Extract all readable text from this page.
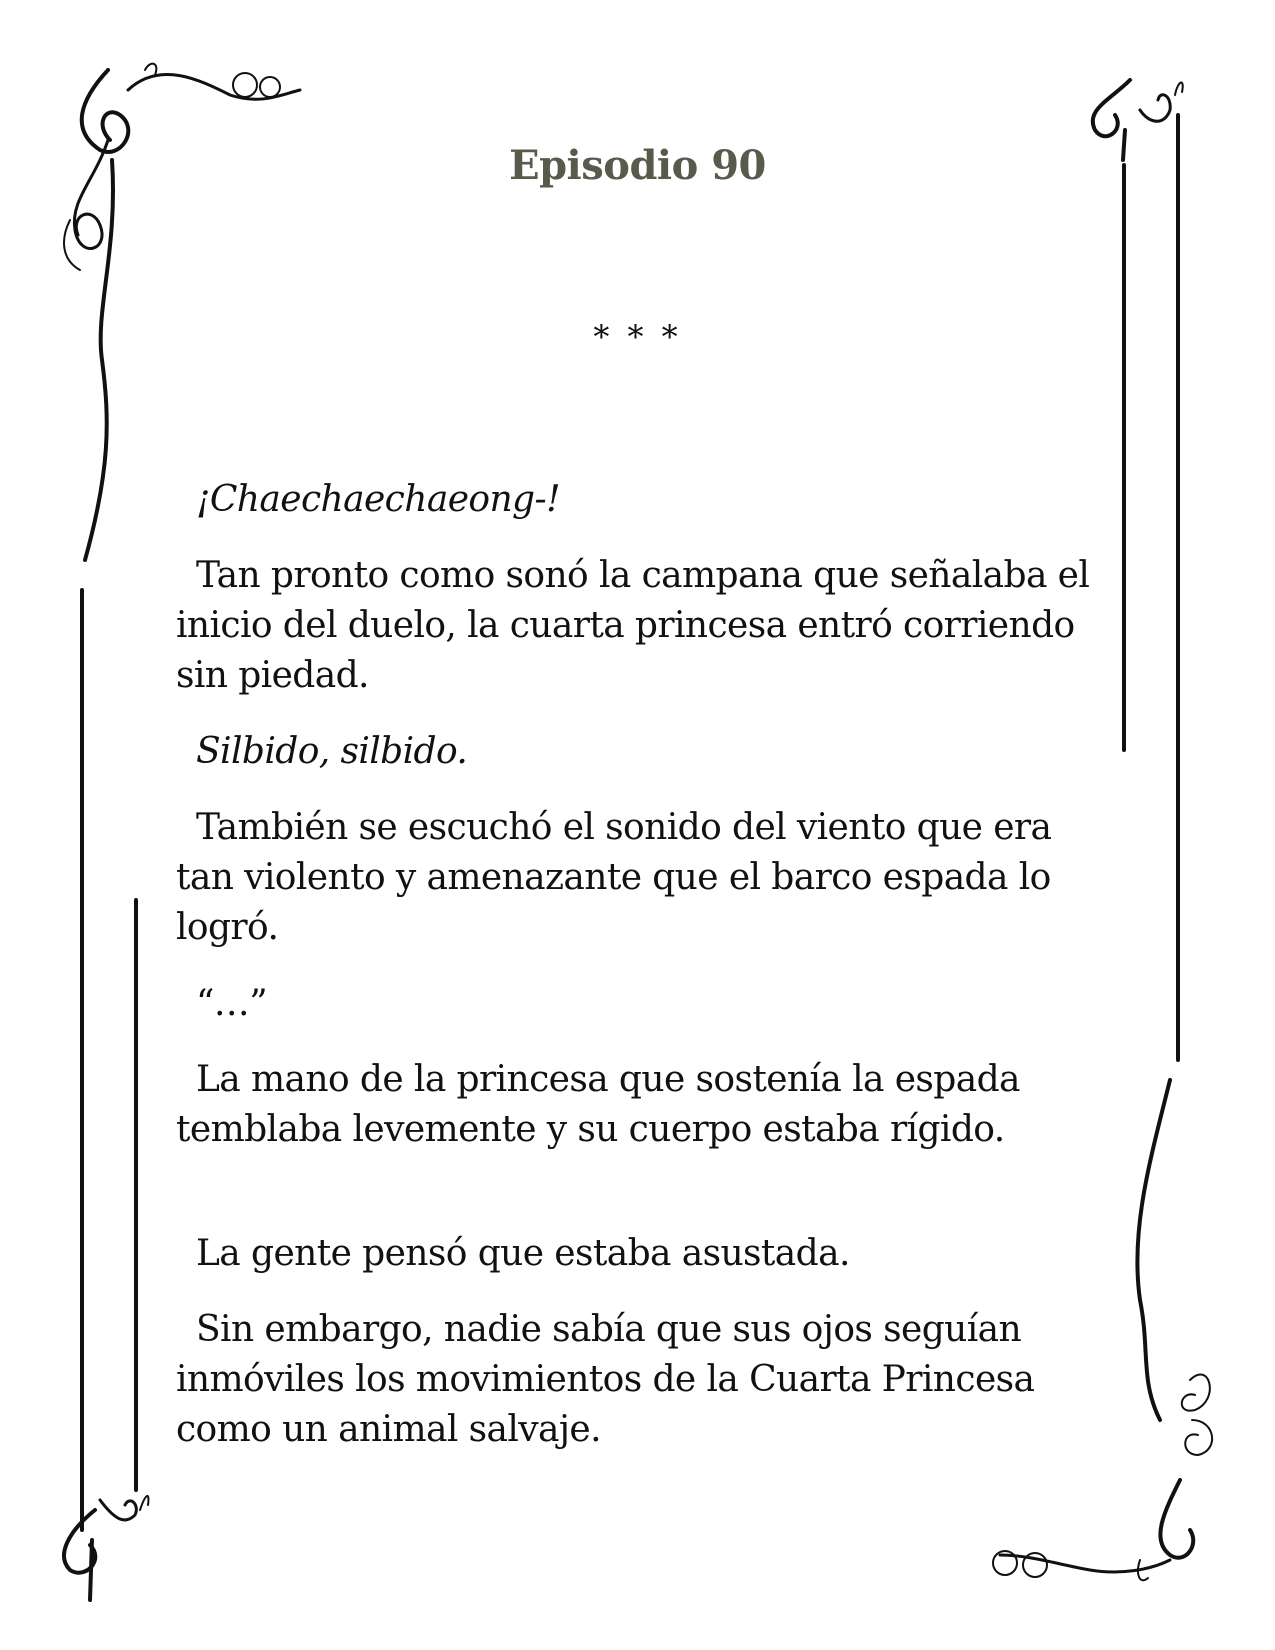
Episodio 90

* * *

¡Chaechaechaeong-!

Tan pronto como sonó la campana que señalaba el inicio del duelo, la cuarta princesa entró corriendo sin piedad.

Silbido, silbido.

También se escuchó el sonido del viento que era tan violento y amenazante que el barco espada lo logró.

“…”

La mano de la princesa que sostenía la espada temblaba levemente y su cuerpo estaba rígido.

La gente pensó que estaba asustada.

Sin embargo, nadie sabía que sus ojos seguían inmóviles los movimientos de la Cuarta Princesa como un animal salvaje.
